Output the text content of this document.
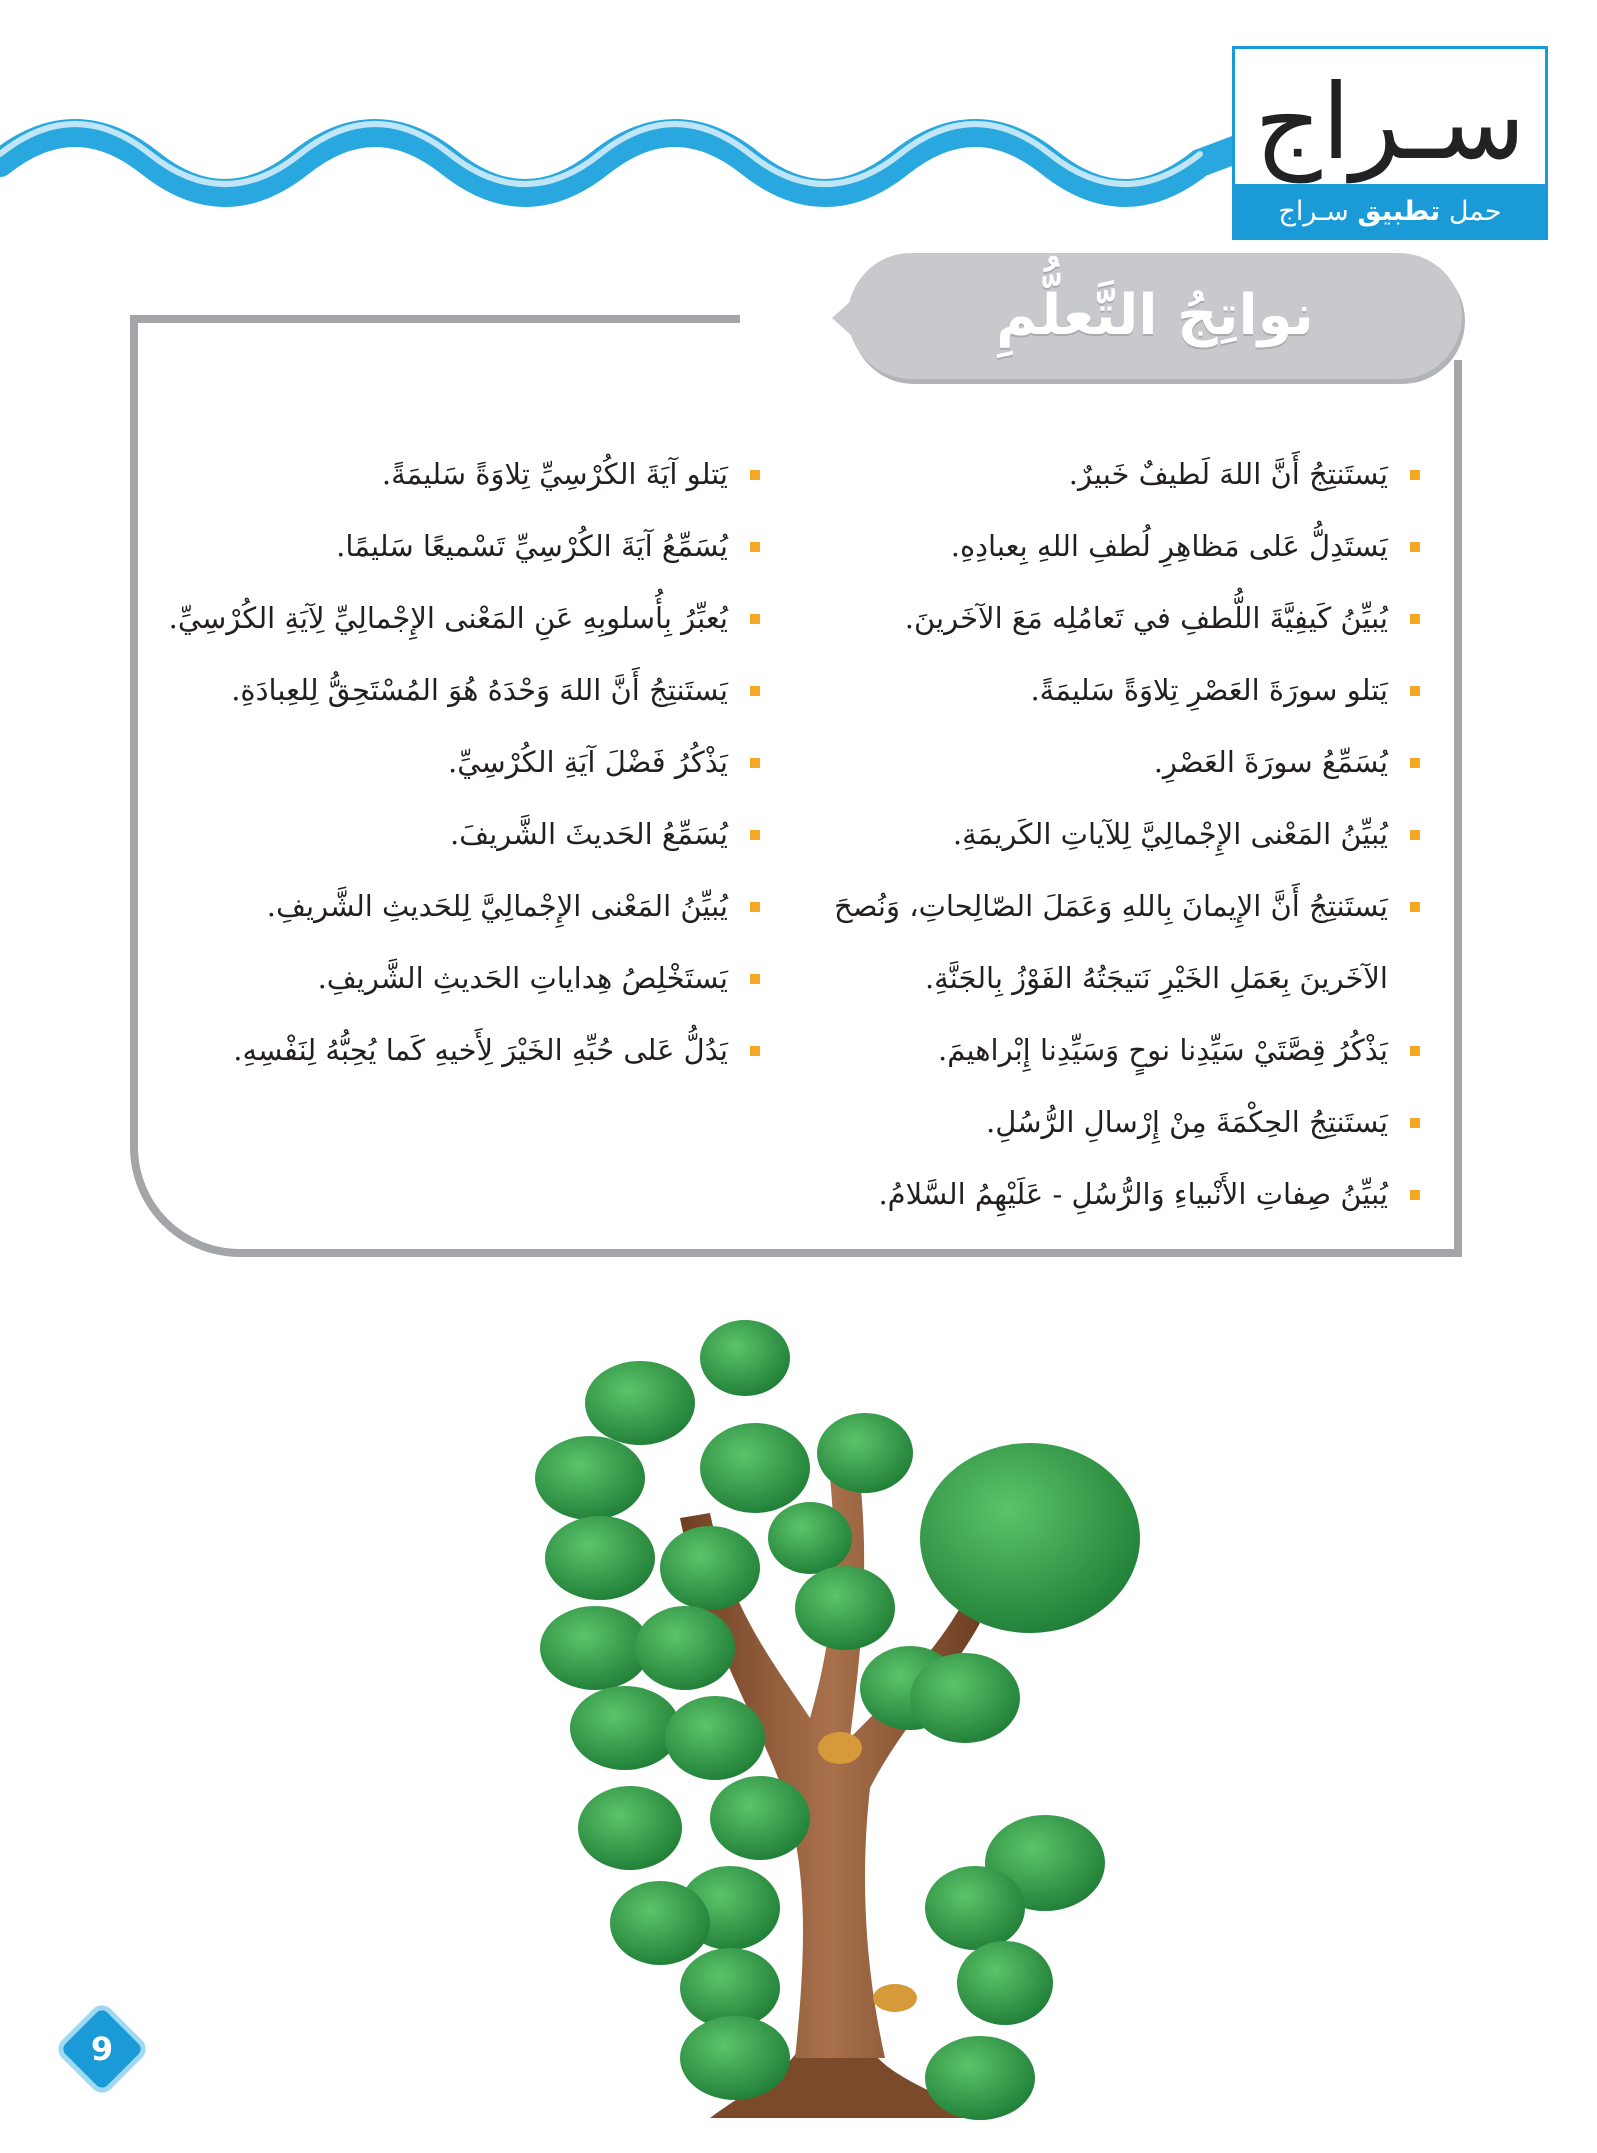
سـراج
حمل تطبيق سـراج
نواتِجُ التَّعلُّمِ
يَستَنتِجُ أَنَّ اللهَ لَطيفٌ خَبيرٌ.
يَستَدِلُّ عَلى مَظاهِرِ لُطفِ اللهِ بِعبادِهِ.
يُبيِّنُ كَيفِيَّةَ اللُّطفِ في تَعامُلِه مَعَ الآخَرينَ.
يَتلو سورَةَ العَصْرِ تِلاوَةً سَليمَةً.
يُسَمِّعُ سورَةَ العَصْرِ.
يُبيِّنُ المَعْنى الإِجْمالِيَّ لِلآياتِ الكَريمَةِ.
يَستَنتِجُ أَنَّ الإِيمانَ بِاللهِ وَعَمَلَ الصّالِحاتِ، وَنُصحَ الآخَرينَ بِعَمَلِ الخَيْرِ نَتيجَتُهُ الفَوْزُ بِالجَنَّةِ.
يَذْكُرُ قِصَّتَيْ سَيِّدِنا نوحٍ وَسَيِّدِنا إِبْراهيمَ.
يَستَنتِجُ الحِكْمَةَ مِنْ إِرْسالِ الرُّسُلِ.
يُبيِّنُ صِفاتِ الأَنْبياءِ وَالرُّسُلِ - عَلَيْهِمُ السَّلامُ.
يَتلو آيَةَ الكُرْسِيِّ تِلاوَةً سَليمَةً.
يُسَمِّعُ آيَةَ الكُرْسِيِّ تَسْميعًا سَليمًا.
يُعبِّرُ بِأُسلوبِهِ عَنِ المَعْنى الإِجْمالِيِّ لِآيَةِ الكُرْسِيِّ.
يَستَنتِجُ أَنَّ اللهَ وَحْدَهُ هُوَ المُسْتَحِقُّ لِلعِبادَةِ.
يَذْكُرُ فَضْلَ آيَةِ الكُرْسِيِّ.
يُسَمِّعُ الحَديثَ الشَّريفَ.
يُبيِّنُ المَعْنى الإِجْمالِيَّ لِلحَديثِ الشَّريفِ.
يَستَخْلِصُ هِداياتِ الحَديثِ الشَّريفِ.
يَدُلُّ عَلى حُبِّهِ الخَيْرَ لِأَخيهِ كَما يُحِبُّهُ لِنَفْسِهِ.
9
